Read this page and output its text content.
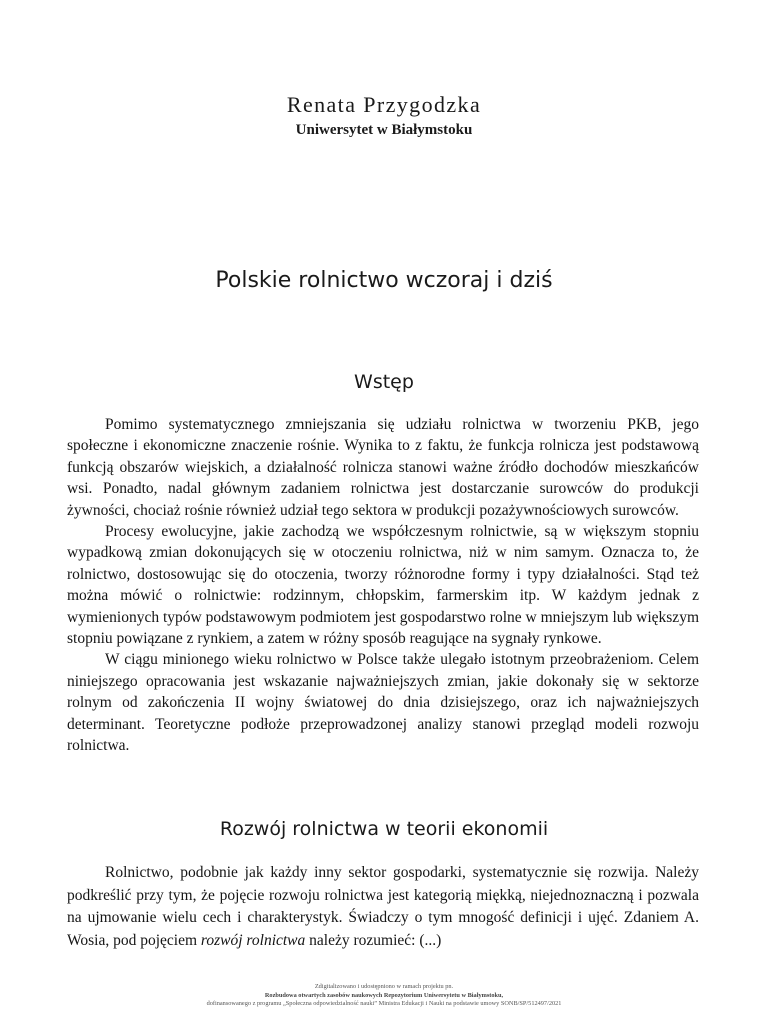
Renata Przygodzka
Uniwersytet w Białymstoku
Polskie rolnictwo wczoraj i dziś
Wstęp

Pomimo systematycznego zmniejszania się udziału rolnictwa w tworzeniu PKB, jego społeczne i ekonomiczne znaczenie rośnie. Wynika to z faktu, że funkcja rolnicza jest podstawową funkcją obszarów wiejskich, a działalność rolnicza stanowi ważne źródło dochodów mieszkańców wsi. Ponadto, nadal głównym zadaniem rolnictwa jest dostarczanie surowców do produkcji żywności, chociaż rośnie również udział tego sektora w produkcji pozażywnościowych surowców.

Procesy ewolucyjne, jakie zachodzą we współczesnym rolnictwie, są w większym stopniu wypadkową zmian dokonujących się w otoczeniu rolnictwa, niż w nim samym. Oznacza to, że rolnictwo, dostosowując się do otoczenia, tworzy różnorodne formy i typy działalności. Stąd też można mówić o rolnictwie: rodzinnym, chłopskim, farmerskim itp. W każdym jednak z wymienionych typów podstawowym podmiotem jest gospodarstwo rolne w mniejszym lub większym stopniu powiązane z rynkiem, a zatem w różny sposób reagujące na sygnały rynkowe.

W ciągu minionego wieku rolnictwo w Polsce także ulegało istotnym przeobrażeniom. Celem niniejszego opracowania jest wskazanie najważniejszych zmian, jakie dokonały się w sektorze rolnym od zakończenia II wojny światowej do dnia dzisiejszego, oraz ich najważniejszych determinant. Teoretyczne podłoże przeprowadzonej analizy stanowi przegląd modeli rozwoju rolnictwa.

Rozwój rolnictwa w teorii ekonomii

Rolnictwo, podobnie jak każdy inny sektor gospodarki, systematycznie się rozwija. Należy podkreślić przy tym, że pojęcie rozwoju rolnictwa jest kategorią miękką, niejednoznaczną i pozwala na ujmowanie wielu cech i charakterystyk. Świadczy o tym mnogość definicji i ujęć. Zdaniem A. Wosia, pod pojęciem rozwój rolnictwa należy rozumieć: (...)

Zdigitalizowano i udostępniono w ramach projektu pn.
Rozbudowa otwartych zasobów naukowych Repozytorium Uniwersytetu w Białymstoku,
dofinansowanego z programu „Społeczna odpowiedzialność nauki” Ministra Edukacji i Nauki na podstawie umowy SONB/SP/512497/2021
